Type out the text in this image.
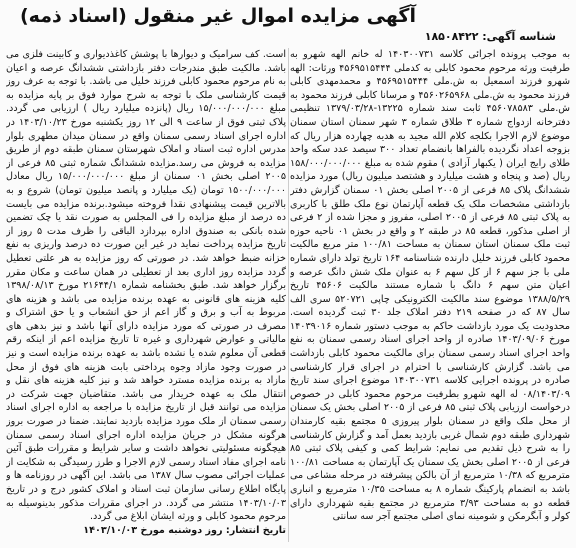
آگهی مزایده اموال غیر منقول (اسناد ذمه)
شناسه آگهی: ۱۸۵۰۸۴۲۲

به موجب پرونده اجرائی کلاسه ۱۴۰۳۰۰۷۳۱ له خانم الهه شهرو به طرفیت ورثه مرحوم محمود کابلی به کدملی ۴۵۶۹۵۱۵۴۴۴ ورثات: الهه شهرو فرزند اسمعیل به ش.ملی ۴۵۶۹۵۱۵۴۴۴ و محمدمهدی کابلی فرزند محمود به ش.ملی ۴۵۶۰۲۶۵۹۶۸ و مرسانا کابلی فرزند محمود به ش.ملی ۴۵۶۰۷۸۵۸۳ ثابت سند شماره ۱۳۲۲۵-۱۳۷۹/۰۳/۲۸ تنظیمی دفترخانه ازدواج شماره ۳ طلاق شماره ۳ شهر سمنان استان سمنان موضوع لازم الاجرا بکلجه کلام الله مجید به هدیه چهارده هزار ریال که بزوجه اعداد نگردیده بالفراها بانضمام تعداد ۳۰۰ سیصد عدد سکه واحد طلای رایج ایران ( یکبهار آزادی ) مقوم شده به مبلغ ۱۵۸/۰۰۰/۰۰۰/۰۰۰ ریال (صد و پنجاه و هشت میلیارد و هشتصد میلیون ریال) مورد مزایده ششدانگ پلاک ۸۵ فرعی از ۲۰۰۵ اصلی بخش ۰۱ سمنان گزارش دفتر بازداشتی مشخصات ملک یک قطعه آپارتمان نوع ملک طلق با کاربری به پلاک ثبتی ۸۵ فرعی از ۲۰۰۵ اصلی، مفروز و مجزا شده از ۲ فرعی از اصلی مذکور، قطعه ۸۵ در طبقه ۲ و واقع در بخش ۰۱ ناحیه حوزه ثبت ملک سمنان استان سمنان به مساحت ۱۰۰/۸۱ متر مربع مالکیت محمود کابلی فرزند خلیل دارنده شناسنامه ۱۶۴ تاریخ تولد دارای شماره ملی با جز سهم ۶ از کل سهم ۶ به عنوان ملک شش دانگ عرصه و اعیان متن سهم ۶ دانگ با شماره مستند مالکیت ۴۵۶۰۶ تاریخ ۱۳۸۸/۵/۲۹ موضوع سند مالکیت الکترونیکی چاپی ۵۲۰۷۲۱ سری الف سال ۸۷ که در صفحه ۲۱۹ دفتر املاک جلد ۳۰ ثبت گردیده است. محدودیت یک مورد بازداشت حاکم به موجب دستور شماره ۱۴۰۳۹۰۱۶ مورخ ۱۴۰۳/۰۹/۰۶ صادره از واحد اجرای اسناد رسمی سمنان به نفع واحد اجرای اسناد رسمی سمنان برای مالکیت محمود کابلی بازداشت می باشد. گزارش کارشناسی با احترام در اجرای قرار کارشناسی صادره در پرونده اجرایی کلاسه ۱۴۰۳۰۰۷۳۱ موضوع اجرای سند تاریخ ۰۸/۱۴۰۳/۰۹ له الهه شهرو بطرفیت مرحوم محمود کابلی در خصوص درخواست ارزیابی پلاک ثبتی ۸۵ فرعی از ۲۰۰۵ اصلی بخش یک سمنان از محل ملک واقع در سمنان بلوار پیروزی ۵ مجتمع بقیه کارمندان شهرداری طبقه دوم شمال غربی بازدید بعمل آمد و گزارش کارشناسی را به شرح ذیل تقدیم می نمایم: شرایط کمی و کیفی پلاک ثبتی ۸۵ فرعی از ۲۰۰۵ اصلی بخش یک سمنان یک آپارتمان به مساحت ۱۰۰/۸۱ مترمربع که ۱۰/۳۸ مترمربع از آن بالکن پیشرفته در مرحله مشاعی می باشد به انضمام پارکینگ شماره ۸ به مساحت ۱۰/۳۵ مترمربع و انباری قطعه دو به مساحت ۳/۹۳ مترمربع در مجتمع بقیه شهرداری دارای کولر و آبگرمکن و شومینه نمای اصلی مجتمع آجر سه سانتی

است. کف سرامیک و دیوارها با پوشش کاغذدیواری و کابینت فلزی می باشد. مالکیت طبق مندرجات دفتر بازداشتی ششدانگ عرصه و اعیان به نام مرحوم محمود کابلی فرزند خلیل می باشد. با توجه به عرف روز قیمت کارشناسی ملک با توجه به شرح موارد فوق بر پایه مزایده به مبلغ ۱۵/۰۰۰/۰۰۰/۰۰۰ ریال (پانزده میلیارد ریال ) ارزیابی می گردد. پلاک ثبتی فوق از ساعت ۹ الی ۱۲ روز یکشنبه مورخ ۱۴۰۳/۱۰/۲۳ در اداره اجرای اسناد رسمی سمنان واقع در سمنان میدان مطهری بلوار مدرس اداره ثبت اسناد و املاک شهرستان سمنان طبقه دوم از طریق مزایده به فروش می رسد.مزایده ششدانگ شماره ثبتی ۸۵ فرعی از ۲۰۰۵ اصلی بخش ۰۱ سمنان از مبلغ ۱۵/۰۰۰/۰۰۰/۰۰۰ ریال معادل ۱۵۰۰/۰۰۰/۰۰۰ تومان (یک میلیارد و پانصد میلیون تومان) شروع و به بالاترین قیمت پیشنهادی نقدا فروخته میشود.برنده مزایده می بایست ده درصد از مبلغ مزایده را فی المجلس به صورت نقد یا چک تضمین شده بانکی به صندوق اداره بپردازد الباقی را ظرف مدت ۵ روز از تاریخ مزایده پرداخت نماید در غیر این صورت ده درصد واریزی به نفع خزانه ضبط خواهد شد. در صورتی که روز مزایده به هر علتی تعطیل گردد مزایده روز اداری بعد از تعطیلی در همان ساعت و مکان مقرر برگزار خواهد شد. طبق بخشنامه شماره ۲۱۶۴۴/۱ مورخ ۱۳۹۸/۰۸/۱۳ کلیه هزینه های قانونی به عهده برنده مزایده می باشد و هزینه های مربوط به آب و برق و گاز اعم از حق انشعاب و یا حق اشتراک و مصرف در صورتی که مورد مزایده دارای آنها باشد و نیز بدهی های مالیاتی و عوارض شهرداری و غیره تا تاریخ مزایده اعم از اینکه رقم قطعی آن معلوم شده یا نشده باشد به عهده برنده مزایده است و نیز در صورت وجود مازاد وجوه پرداختی بابت هزینه های فوق از محل مازاد به برنده مزایده مسترد خواهد شد و نیز کلیه هزینه های نقل و انتقال ملک به عهده خریدار می باشد. متقاضیان جهت شرکت در مزایده می توانند قبل از تاریخ مزایده با مراجعه به اداره اجرای اسناد رسمی سمنان از ملک مورد مزایده بازدید نمایند. ضمنا در صورت بروز هرگونه مشکل در جریان مزایده اداره اجرای اسناد رسمی سمنان هیچگونه مسئولیتی نخواهد داشت و سایر شرایط و مقررات طبق آئین نامه اجرای مفاد اسناد رسمی لازم الاجرا و طرز رسیدگی به شکایت از عملیات اجرائی مصوب سال ۱۳۸۷ می باشد. این آگهی در روزنامه ها و پایگاه اطلاع رسانی سازمان ثبت اسناد و املاک کشور درج و در تاریخ ۱۴۰۳/۱۰/۰۳ منتشر می گردد. در اجرای مقررات مذکور بدینوسیله به مرحوم محمود کابلی و ورثه ایشان ابلاغ می گردد.

تاریخ انتشار: روز دوشنبه مورخ ۱۴۰۳/۱۰/۰۳
